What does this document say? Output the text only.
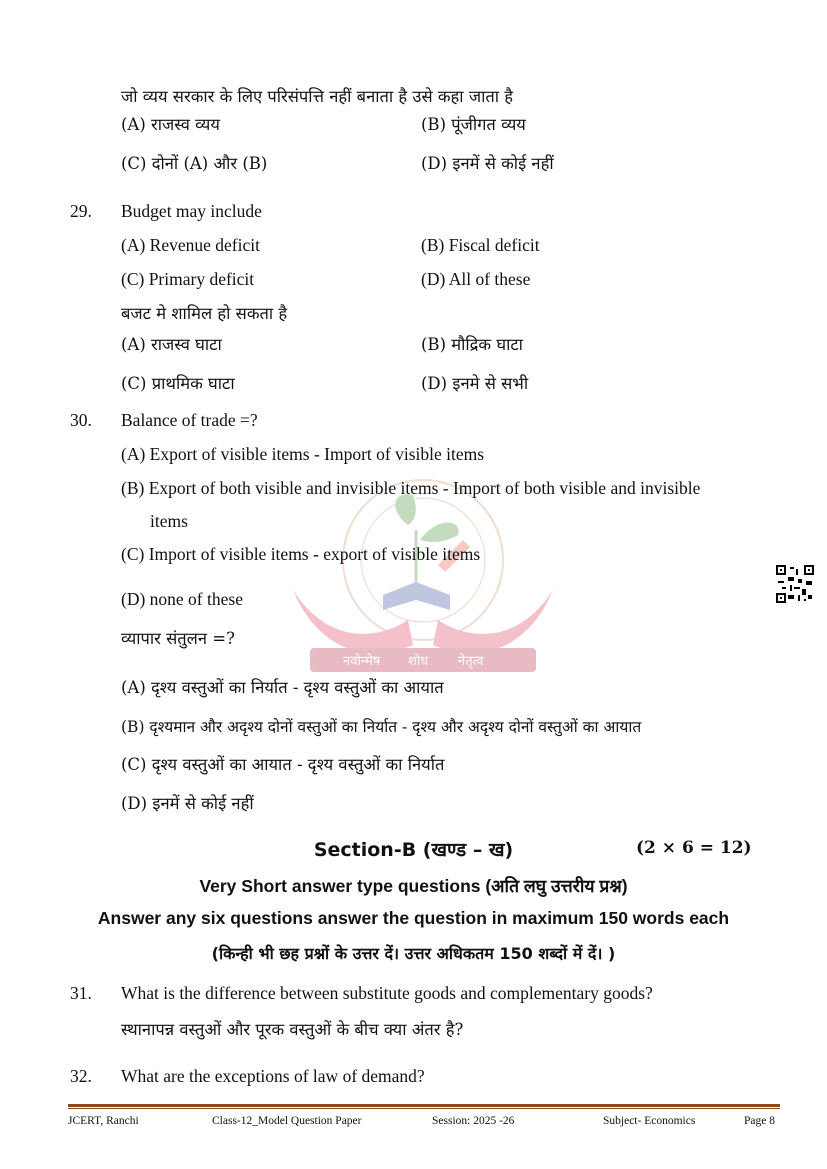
जो व्यय सरकार के लिए परिसंपत्ति नहीं बनाता है उसे कहा जाता है
(A) राजस्व व्यय	(B) पूंजीगत व्यय
(C) दोनों (A) और (B)	(D) इनमें से कोई नहीं
29. Budget may include
(A) Revenue deficit	(B) Fiscal deficit
(C) Primary deficit	(D) All of these
बजट मे शामिल हो सकता है
(A) राजस्व घाटा	(B) मौद्रिक घाटा
(C) प्राथमिक घाटा	(D) इनमे से सभी
नवोन्मेष शोध नेतृत्व
30. Balance of trade =?
(A) Export of visible items - Import of visible items
(B) Export of both visible and invisible items - Import of both visible and invisible
items
(C) Import of visible items - export of visible items
(D) none of these
व्यापार संतुलन =?
(A) दृश्य वस्तुओं का निर्यात - दृश्य वस्तुओं का आयात
(B) दृश्यमान और अदृश्य दोनों वस्तुओं का निर्यात - दृश्य और अदृश्य दोनों वस्तुओं का आयात
(C) दृश्य वस्तुओं का आयात - दृश्य वस्तुओं का निर्यात
(D) इनमें से कोई नहीं
Section-B (खण्ड – ख)	(2 × 6 = 12)
Very Short answer type questions (अति लघु उत्तरीय प्रश्न)
Answer any six questions answer the question in maximum 150 words each
(किन्ही भी छह प्रश्नों के उत्तर दें। उत्तर अधिकतम 150 शब्दों में दें। )
31. What is the difference between substitute goods and complementary goods?
स्थानापन्न वस्तुओं और पूरक वस्तुओं के बीच क्या अंतर है?
32. What are the exceptions of law of demand?
JCERT, Ranchi	Class-12_Model Question Paper	Session: 2025 -26	Subject- Economics	Page 8
